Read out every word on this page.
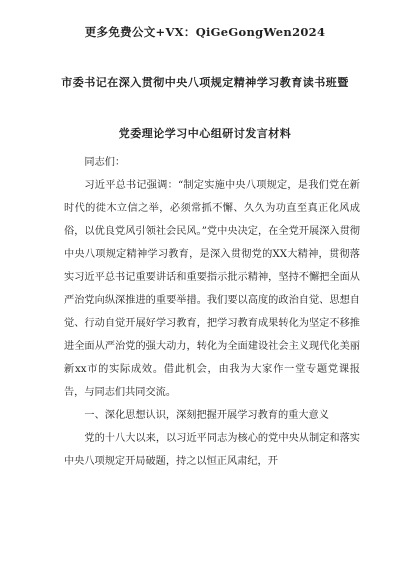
更多免费公文+VX：QiGeGongWen2024
市委书记在深入贯彻中央八项规定精神学习教育读书班暨
党委理论学习中心组研讨发言材料

同志们：

习近平总书记强调：“制定实施中央八项规定，是我们党在新时代的徙木立信之举，必须常抓不懈、久久为功直至真正化风成俗，以优良党风引领社会民风。”党中央决定，在全党开展深入贯彻中央八项规定精神学习教育，是深入贯彻党的XX大精神，贯彻落实习近平总书记重要讲话和重要指示批示精神，坚持不懈把全面从严治党向纵深推进的重要举措。我们要以高度的政治自觉、思想自觉、行动自觉开展好学习教育，把学习教育成果转化为坚定不移推进全面从严治党的强大动力，转化为全面建设社会主义现代化美丽新xx市的实际成效。借此机会，由我为大家作一堂专题党课报告，与同志们共同交流。

一、深化思想认识，深刻把握开展学习教育的重大意义

党的十八大以来，以习近平同志为核心的党中央从制定和落实中央八项规定开局破题，持之以恒正风肃纪，开
